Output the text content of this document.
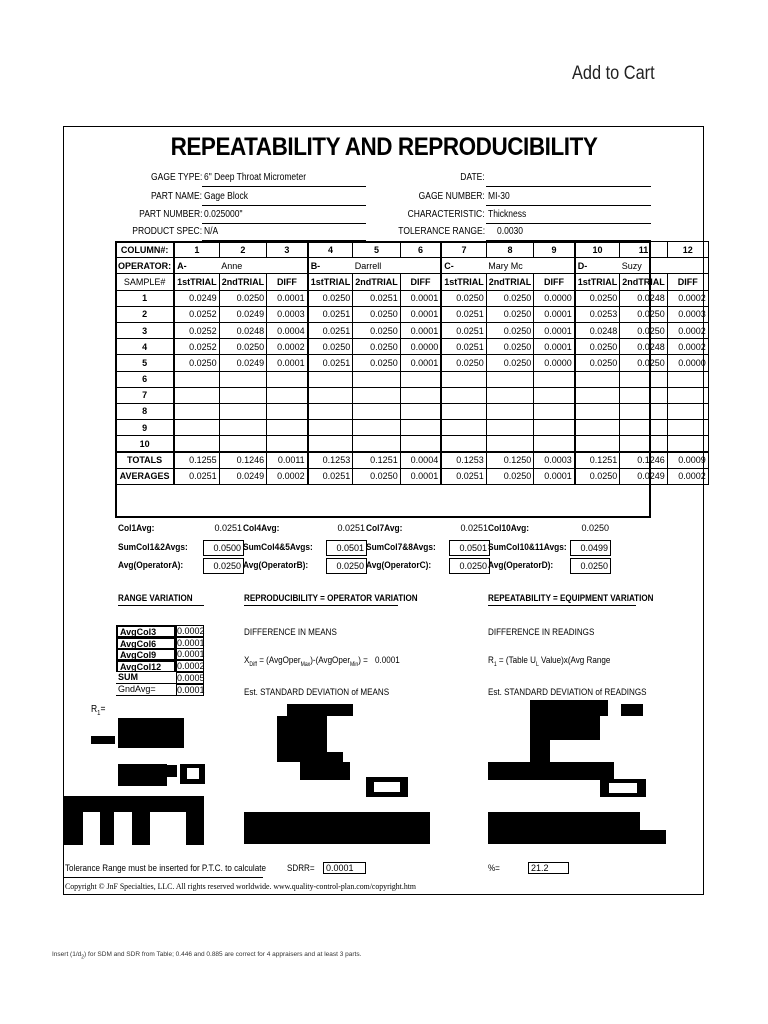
Add to Cart
REPEATABILITY AND REPRODUCIBILITY
GAGE TYPE: 6" Deep Throat Micrometer
PART NAME: Gage Block
PART NUMBER: 0.025000"
PRODUCT SPEC: N/A
DATE:
GAGE NUMBER: MI-30
CHARACTERISTIC: Thickness
TOLERANCE RANGE: 0.0030
COLUMN#:	1	2	3	4	5	6	7	8	9	10	11	12
OPERATOR:	A-	Anne		B-	Darrell		C-	Mary Mc		D-	Suzy	
SAMPLE#	1stTRIAL	2ndTRIAL	DIFF	1stTRIAL	2ndTRIAL	DIFF	1stTRIAL	2ndTRIAL	DIFF	1stTRIAL	2ndTRIAL	DIFF
1	0.0249	0.0250	0.0001	0.0250	0.0251	0.0001	0.0250	0.0250	0.0000	0.0250	0.0248	0.0002
2	0.0252	0.0249	0.0003	0.0251	0.0250	0.0001	0.0251	0.0250	0.0001	0.0253	0.0250	0.0003
3	0.0252	0.0248	0.0004	0.0251	0.0250	0.0001	0.0251	0.0250	0.0001	0.0248	0.0250	0.0002
4	0.0252	0.0250	0.0002	0.0250	0.0250	0.0000	0.0251	0.0250	0.0001	0.0250	0.0248	0.0002
5	0.0250	0.0249	0.0001	0.0251	0.0250	0.0001	0.0250	0.0250	0.0000	0.0250	0.0250	0.0000
6												
7												
8												
9												
10												
TOTALS	0.1255	0.1246	0.0011	0.1253	0.1251	0.0004	0.1253	0.1250	0.0003	0.1251	0.1246	0.0009
AVERAGES	0.0251	0.0249	0.0002	0.0251	0.0250	0.0001	0.0251	0.0250	0.0001	0.0250	0.0249	0.0002
Col1Avg:	0.0251
SumCol1&2Avgs:	0.0500
Avg(OperatorA):	0.0250
Col4Avg:	0.0251
SumCol4&5Avgs:	0.0501
Avg(OperatorB):	0.0250
Col7Avg:	0.0251
SumCol7&8Avgs:	0.0501
Avg(OperatorC):	0.0250
Col10Avg:	0.0250
SumCol10&11Avgs:	0.0499
Avg(OperatorD):	0.0250
RANGE VARIATION
AvgCol3	0.0002
AvgCol6	0.0001
AvgCol9	0.0001
AvgCol12	0.0002
SUM	0.0005
GndAvg=	0.0001
$R_1=$
REPRODUCIBILITY = OPERATOR VARIATION
DIFFERENCE IN MEANS
$X_{Diff}$ = (AvgOper$_{Max}$)-(AvgOper$_{Min}$) = 0.0001
Est. STANDARD DEVIATION of MEANS
REPEATABILITY = EQUIPMENT VARIATION
DIFFERENCE IN READINGS
$R_1$ = (Table $U_L$ Value)x(Avg Range
Est. STANDARD DEVIATION of READINGS
Tolerance Range must be inserted for P.T.C. to calculate SDRR=	0.0001	%=	21.2
Copyright © JnF Specialties, LLC. All rights reserved worldwide. www.quality-control-plan.com/copyright.htm
Insert $(1/d_2)$ for SDM and SDR from Table; 0.446 and 0.885 are correct for 4 appraisers and at least 3 parts.
